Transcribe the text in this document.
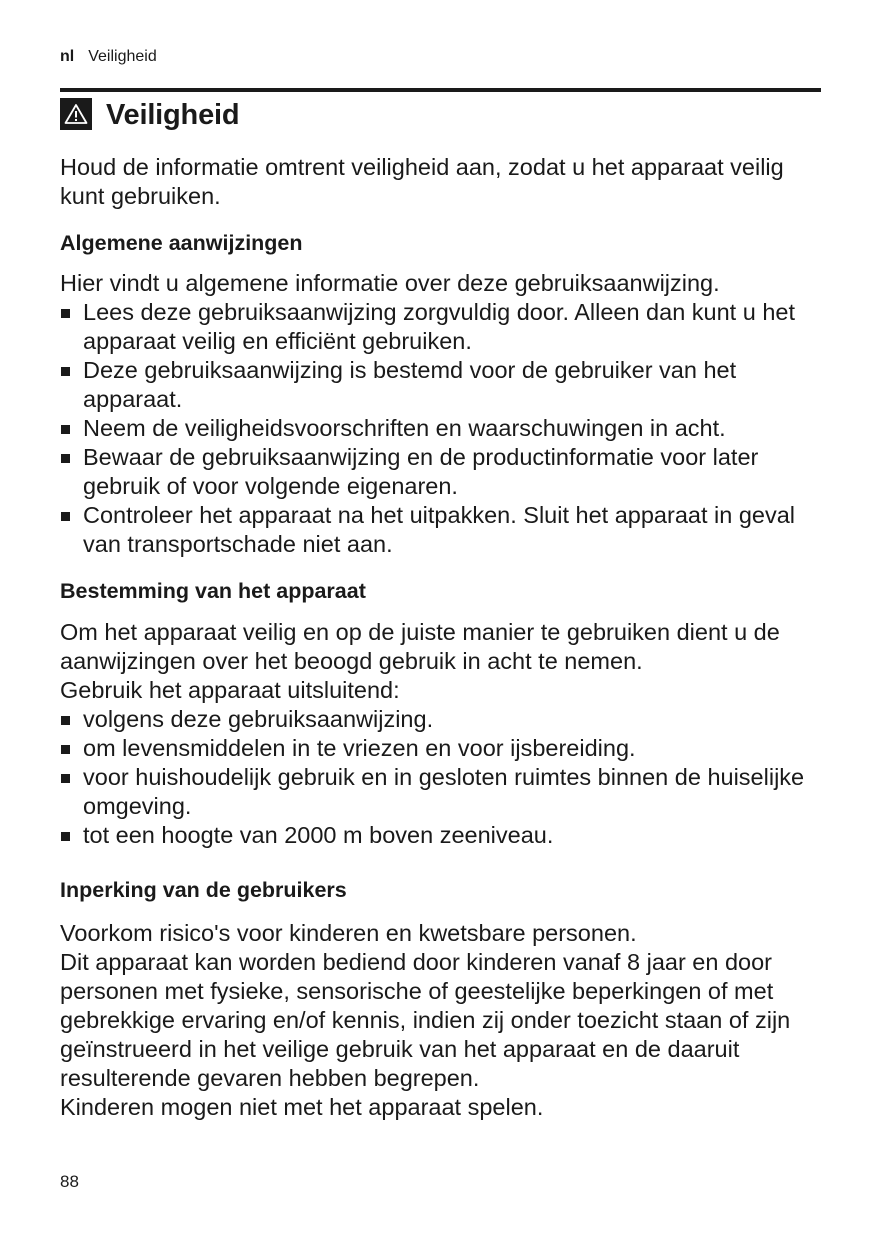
nl Veiligheid
Veiligheid

Houd de informatie omtrent veiligheid aan, zodat u het apparaat veilig kunt gebruiken.

Algemene aanwijzingen

Hier vindt u algemene informatie over deze gebruiksaanwijzing.

Lees deze gebruiksaanwijzing zorgvuldig door. Alleen dan kunt u het apparaat veilig en efficiënt gebruiken.
Deze gebruiksaanwijzing is bestemd voor de gebruiker van het apparaat.
Neem de veiligheidsvoorschriften en waarschuwingen in acht.
Bewaar de gebruiksaanwijzing en de productinformatie voor later gebruik of voor volgende eigenaren.
Controleer het apparaat na het uitpakken. Sluit het apparaat in geval van transportschade niet aan.
Bestemming van het apparaat

Om het apparaat veilig en op de juiste manier te gebruiken dient u de aanwijzingen over het beoogd gebruik in acht te nemen.

Gebruik het apparaat uitsluitend:

volgens deze gebruiksaanwijzing.
om levensmiddelen in te vriezen en voor ijsbereiding.
voor huishoudelijk gebruik en in gesloten ruimtes binnen de huiselijke omgeving.
tot een hoogte van 2000 m boven zeeniveau.
Inperking van de gebruikers

Voorkom risico's voor kinderen en kwetsbare personen.

Dit apparaat kan worden bediend door kinderen vanaf 8 jaar en door personen met fysieke, sensorische of geestelijke beperkingen of met gebrekkige ervaring en/of kennis, indien zij onder toezicht staan of zijn geïnstrueerd in het veilige gebruik van het apparaat en de daaruit resulterende gevaren hebben begrepen.

Kinderen mogen niet met het apparaat spelen.

88
